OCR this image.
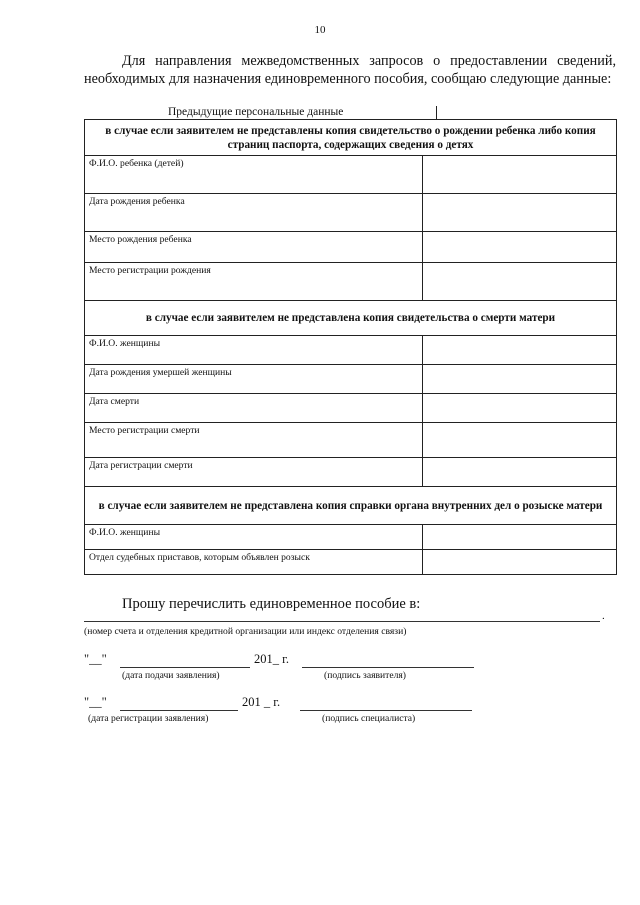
10
Для направления межведомственных запросов о предоставлении сведений, необходимых для назначения единовременного пособия, сообщаю следующие данные:
Предыдущие персональные данные
в случае если заявителем не представлены копия свидетельство о рождении ребенка либо копия страниц паспорта, содержащих сведения о детях	
Ф.И.О. ребенка (детей)	
Дата рождения ребенка	
Место рождения ребенка	
Место регистрации рождения	
в случае если заявителем не представлена копия свидетельства о смерти матери	
Ф.И.О. женщины	
Дата рождения умершей женщины	
Дата смерти	
Место регистрации смерти	
Дата регистрации смерти	
в случае если заявителем не представлена копия справки органа внутренних дел о розыске матери	
Ф.И.О. женщины	
Отдел судебных приставов, которым объявлен розыск	
Прошу перечислить единовременное пособие в:
.
(номер счета и отделения кредитной организации или индекс отделения связи)
"__"	201_ г.
(дата подачи заявления)	(подпись заявителя)
"__"	201 _ г.
(дата регистрации заявления)	(подпись специалиста)
